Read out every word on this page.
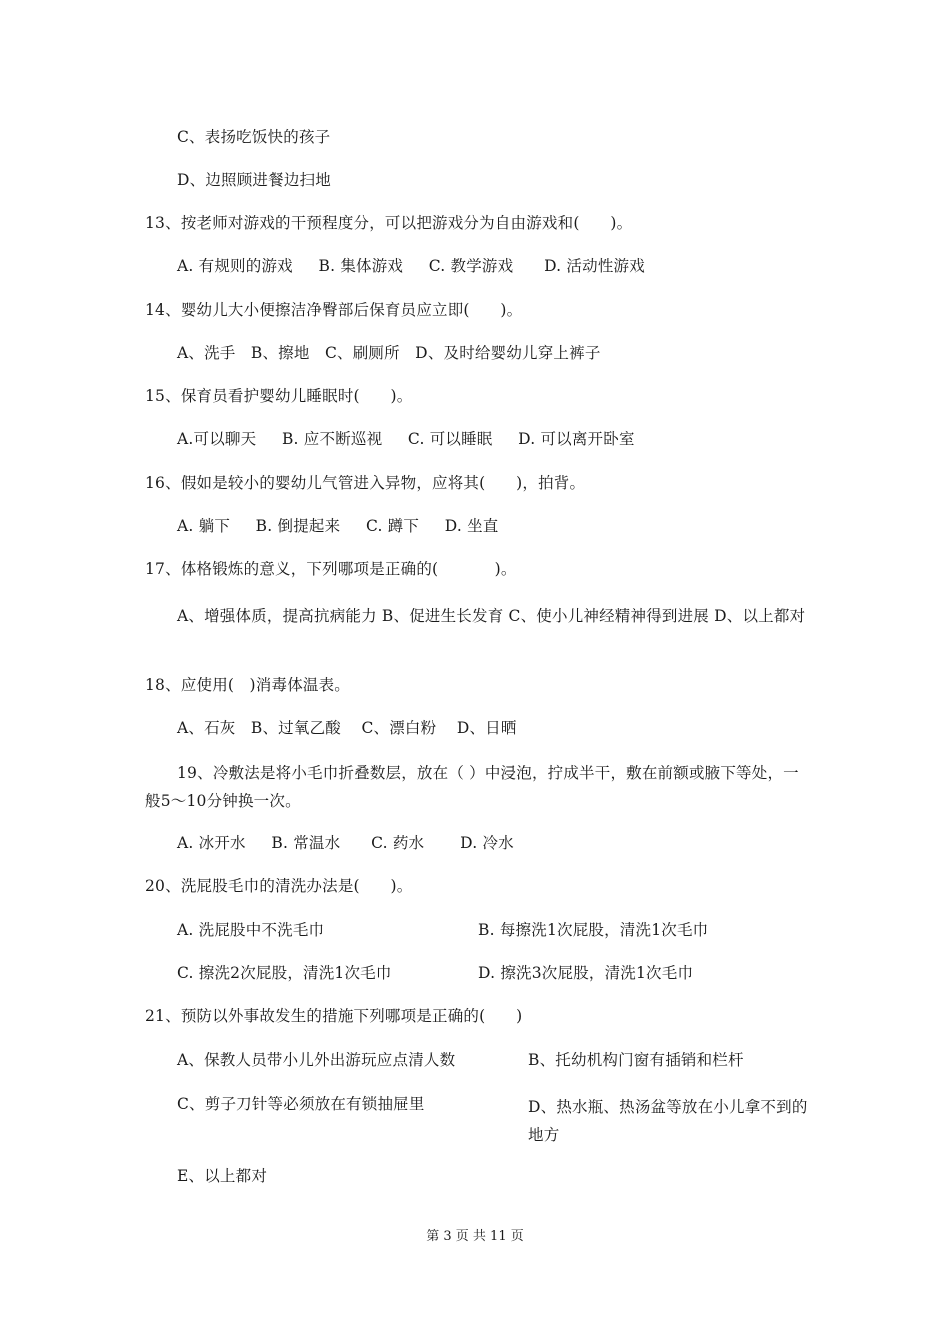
C、表扬吃饭快的孩子
D、边照顾进餐边扫地
13、按老师对游戏的干预程度分，可以把游戏分为自由游戏和(      )。
A. 有规则的游戏     B. 集体游戏     C. 教学游戏      D. 活动性游戏
14、婴幼儿大小便擦洁净臀部后保育员应立即(      )。
A、洗手   B、擦地   C、刷厕所   D、及时给婴幼儿穿上裤子
15、保育员看护婴幼儿睡眠时(      )。
A.可以聊天     B. 应不断巡视     C. 可以睡眠     D. 可以离开卧室
16、假如是较小的婴幼儿气管进入异物，应将其(      )，拍背。
A. 躺下     B. 倒提起来     C. 蹲下     D. 坐直
17、体格锻炼的意义，下列哪项是正确的(           )。
A、增强体质，提高抗病能力 B、促进生长发育 C、使小儿神经精神得到进展 D、以上都对
18、应使用(   )消毒体温表。
A、石灰   B、过氧乙酸    C、漂白粉    D、日晒
19、冷敷法是将小毛巾折叠数层，放在（ ）中浸泡，拧成半干，敷在前额或腋下等处，一般5～10分钟换一次。
A. 冰开水     B. 常温水      C. 药水       D. 冷水
20、洗屁股毛巾的清洗办法是(      )。
A. 洗屁股中不洗毛巾	B. 每擦洗1次屁股，清洗1次毛巾
C. 擦洗2次屁股，清洗1次毛巾	D. 擦洗3次屁股，清洗1次毛巾
21、预防以外事故发生的措施下列哪项是正确的(      )
A、保教人员带小儿外出游玩应点清人数	B、托幼机构门窗有插销和栏杆
C、剪子刀针等必须放在有锁抽屉里	D、热水瓶、热汤盆等放在小儿拿不到的地方
E、以上都对
第 3 页 共 11 页
